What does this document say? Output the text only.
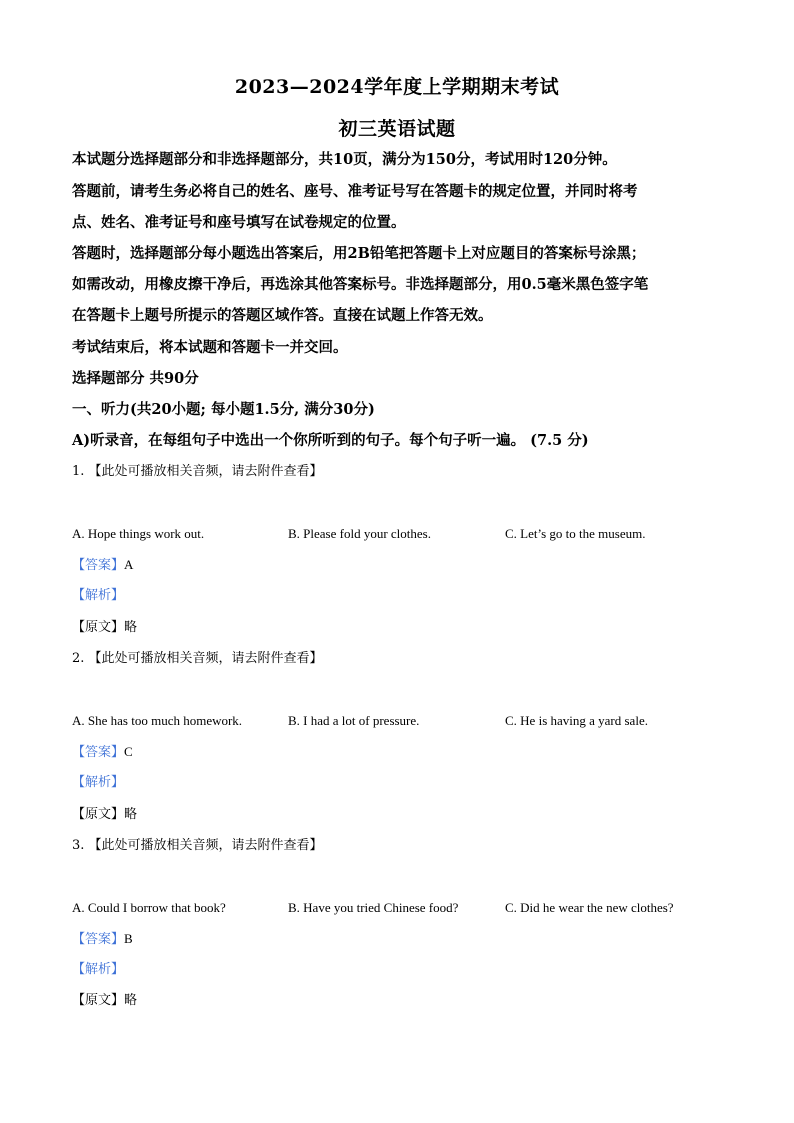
2023—2024学年度上学期期末考试
初三英语试题
本试题分选择题部分和非选择题部分，共10页，满分为150分，考试用时120分钟。
答题前，请考生务必将自己的姓名、座号、准考证号写在答题卡的规定位置，并同时将考
点、姓名、准考证号和座号填写在试卷规定的位置。
答题时，选择题部分每小题选出答案后，用2B铅笔把答题卡上对应题目的答案标号涂黑；
如需改动，用橡皮擦干净后，再选涂其他答案标号。非选择题部分，用0.5毫米黑色签字笔
在答题卡上题号所提示的答题区域作答。直接在试题上作答无效。
考试结束后，将本试题和答题卡一并交回。
选择题部分 共90分
一、听力(共20小题; 每小题1.5分, 满分30分)
A)听录音，在每组句子中选出一个你所听到的句子。每个句子听一遍。 (7.5 分)
1. 【此处可播放相关音频，请去附件查看】
A. Hope things work out.	B. Please fold your clothes.	C. Let’s go to the museum.
【答案】A
【解析】
【原文】略
2. 【此处可播放相关音频，请去附件查看】
A. She has too much homework.	B. I had a lot of pressure.	C. He is having a yard sale.
【答案】C
【解析】
【原文】略
3. 【此处可播放相关音频，请去附件查看】
A. Could I borrow that book?	B. Have you tried Chinese food?	C. Did he wear the new clothes?
【答案】B
【解析】
【原文】略
